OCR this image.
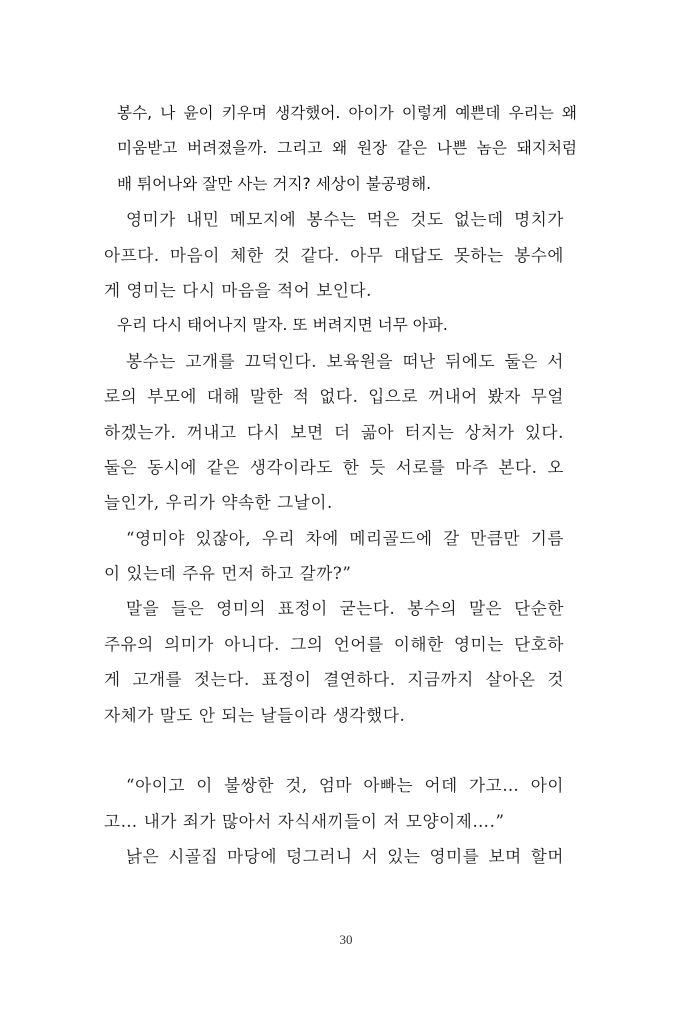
봉수, 나 윤이 키우며 생각했어. 아이가 이렇게 예쁜데 우리는 왜
미움받고 버려졌을까. 그리고 왜 원장 같은 나쁜 놈은 돼지처럼
배 튀어나와 잘만 사는 거지? 세상이 불공평해.
영미가 내민 메모지에 봉수는 먹은 것도 없는데 명치가
아프다. 마음이 체한 것 같다. 아무 대답도 못하는 봉수에
게 영미는 다시 마음을 적어 보인다.
우리 다시 태어나지 말자. 또 버려지면 너무 아파.
봉수는 고개를 끄덕인다. 보육원을 떠난 뒤에도 둘은 서
로의 부모에 대해 말한 적 없다. 입으로 꺼내어 봤자 무얼
하겠는가. 꺼내고 다시 보면 더 곪아 터지는 상처가 있다.
둘은 동시에 같은 생각이라도 한 듯 서로를 마주 본다. 오
늘인가, 우리가 약속한 그날이.
“영미야 있잖아, 우리 차에 메리골드에 갈 만큼만 기름
이 있는데 주유 먼저 하고 갈까?”
말을 들은 영미의 표정이 굳는다. 봉수의 말은 단순한
주유의 의미가 아니다. 그의 언어를 이해한 영미는 단호하
게 고개를 젓는다. 표정이 결연하다. 지금까지 살아온 것
자체가 말도 안 되는 날들이라 생각했다.
“아이고 이 불쌍한 것, 엄마 아빠는 어데 가고… 아이
고… 내가 죄가 많아서 자식새끼들이 저 모양이제….”
낡은 시골집 마당에 덩그러니 서 있는 영미를 보며 할머
30
